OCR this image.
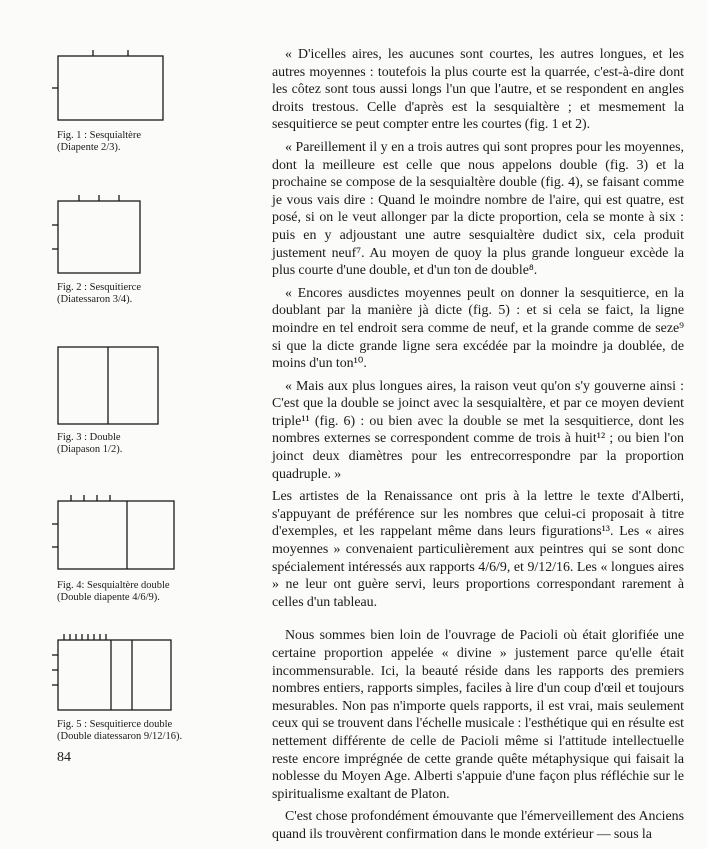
Fig. 1 : Sesquialtère
(Diapente 2/3).
Fig. 2 : Sesquitierce
(Diatessaron 3/4).
Fig. 3 : Double
(Diapason 1/2).
Fig. 4: Sesquialtère double
(Double diapente 4/6/9).
Fig. 5 : Sesquitierce double
(Double diatessaron 9/12/16).

« D'icelles aires, les aucunes sont courtes, les autres longues, et les autres moyennes : toutefois la plus courte est la quarrée, c'est-à-dire dont les côtez sont tous aussi longs l'un que l'autre, et se respondent en angles droits trestous. Celle d'après est la sesquialtère ; et mesmement la sesquitierce se peut compter entre les courtes (fig. 1 et 2).

« Pareillement il y en a trois autres qui sont propres pour les moyennes, dont la meilleure est celle que nous appelons double (fig. 3) et la prochaine se compose de la sesquialtère double (fig. 4), se faisant comme je vous vais dire : Quand le moindre nombre de l'aire, qui est quatre, est posé, si on le veut allonger par la dicte proportion, cela se monte à six : puis en y adjoustant une autre sesquialtère dudict six, cela produit justement neuf⁷. Au moyen de quoy la plus grande longueur excède la plus courte d'une double, et d'un ton de double⁸.

« Encores ausdictes moyennes peult on donner la sesquitierce, en la doublant par la manière jà dicte (fig. 5) : et si cela se faict, la ligne moindre en tel endroit sera comme de neuf, et la grande comme de seze⁹ si que la dicte grande ligne sera excédée par la moindre ja doublée, de moins d'un ton¹⁰.

« Mais aux plus longues aires, la raison veut qu'on s'y gouverne ainsi : C'est que la double se joinct avec la sesquialtère, et par ce moyen devient triple¹¹ (fig. 6) : ou bien avec la double se met la sesquitierce, dont les nombres externes se correspondent comme de trois à huit¹² ; ou bien l'on joinct deux diamètres pour les entrecorrespondre par la proportion quadruple. »

Les artistes de la Renaissance ont pris à la lettre le texte d'Alberti, s'appuyant de préférence sur les nombres que celui-ci proposait à titre d'exemples, et les rappelant même dans leurs figurations¹³. Les « aires moyennes » convenaient particulièrement aux peintres qui se sont donc spécialement intéressés aux rapports 4/6/9, et 9/12/16. Les « longues aires » ne leur ont guère servi, leurs proportions correspondant rarement à celles d'un tableau.

Nous sommes bien loin de l'ouvrage de Pacioli où était glorifiée une certaine proportion appelée « divine » justement parce qu'elle était incommensurable. Ici, la beauté réside dans les rapports des premiers nombres entiers, rapports simples, faciles à lire d'un coup d'œil et toujours mesurables. Non pas n'importe quels rapports, il est vrai, mais seulement ceux qui se trouvent dans l'échelle musicale : l'esthétique qui en résulte est nettement différente de celle de Pacioli même si l'attitude intellectuelle reste encore imprégnée de cette grande quête métaphysique qui faisait la noblesse du Moyen Age. Alberti s'appuie d'une façon plus réfléchie sur le spiritualisme exaltant de Platon.

C'est chose profondément émouvante que l'émerveillement des Anciens quand ils trouvèrent confirmation dans le monde extérieur — sous la

84
